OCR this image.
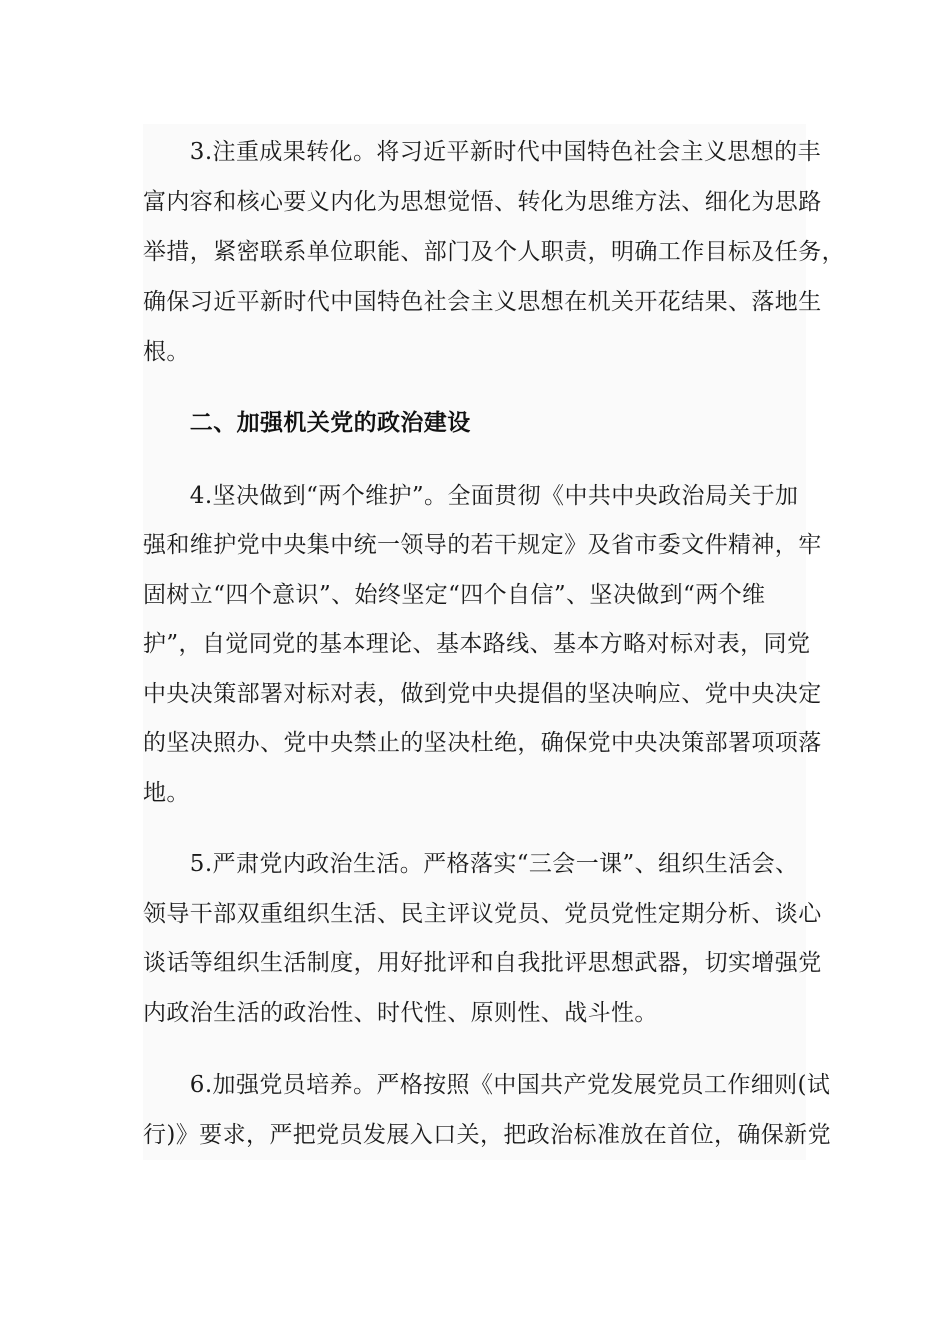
　　3.注重成果转化。将习近平新时代中国特色社会主义思想的丰
富内容和核心要义内化为思想觉悟、转化为思维方法、细化为思路
举措，紧密联系单位职能、部门及个人职责，明确工作目标及任务，
确保习近平新时代中国特色社会主义思想在机关开花结果、落地生
根。
　　二、加强机关党的政治建设
　　4.坚决做到“两个维护”。全面贯彻《中共中央政治局关于加
强和维护党中央集中统一领导的若干规定》及省市委文件精神，牢
固树立“四个意识”、始终坚定“四个自信”、坚决做到“两个维
护”，自觉同党的基本理论、基本路线、基本方略对标对表，同党
中央决策部署对标对表，做到党中央提倡的坚决响应、党中央决定
的坚决照办、党中央禁止的坚决杜绝，确保党中央决策部署项项落
地。
　　5.严肃党内政治生活。严格落实“三会一课”、组织生活会、
领导干部双重组织生活、民主评议党员、党员党性定期分析、谈心
谈话等组织生活制度，用好批评和自我批评思想武器，切实增强党
内政治生活的政治性、时代性、原则性、战斗性。
　　6.加强党员培养。严格按照《中国共产党发展党员工作细则(试
行)》要求，严把党员发展入口关，把政治标准放在首位，确保新党
